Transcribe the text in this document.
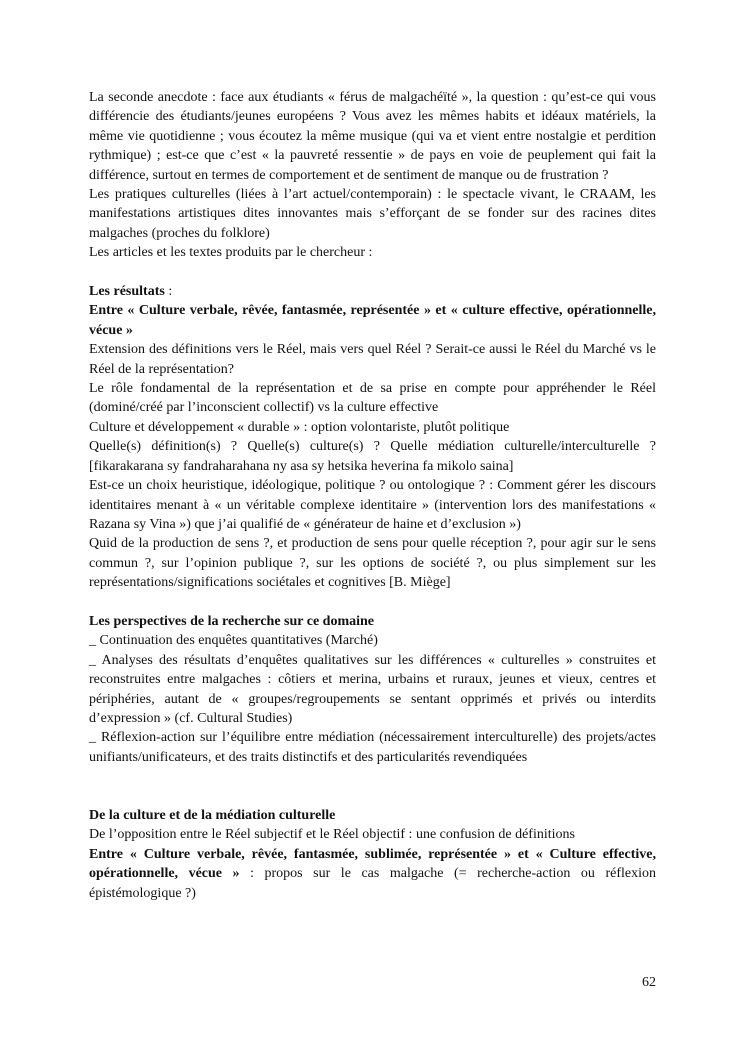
La seconde anecdote : face aux étudiants « férus de malgachéïté », la question : qu’est-ce qui vous différencie des étudiants/jeunes européens ? Vous avez les mêmes habits et idéaux matériels, la même vie quotidienne ; vous écoutez la même musique (qui va et vient entre nostalgie et perdition rythmique) ; est-ce que c’est « la pauvreté ressentie » de pays en voie de peuplement qui fait la différence, surtout en termes de comportement et de sentiment de manque ou de frustration ?

Les pratiques culturelles (liées à l’art actuel/contemporain) : le spectacle vivant, le CRAAM, les manifestations artistiques dites innovantes mais s’efforçant de se fonder sur des racines dites malgaches (proches du folklore)

Les articles et les textes produits par le chercheur :

Les résultats :

Entre « Culture verbale, rêvée, fantasmée, représentée » et « culture effective, opérationnelle, vécue »

Extension des définitions vers le Réel, mais vers quel Réel ? Serait-ce aussi le Réel du Marché vs le Réel de la représentation?

Le rôle fondamental de la représentation et de sa prise en compte pour appréhender le Réel (dominé/créé par l’inconscient collectif) vs la culture effective

Culture et développement « durable » : option volontariste, plutôt politique

Quelle(s) définition(s) ? Quelle(s) culture(s) ? Quelle médiation culturelle/interculturelle ? [fikarakarana sy fandraharahana ny asa sy hetsika heverina fa mikolo saina]

Est-ce un choix heuristique, idéologique, politique ? ou ontologique ? : Comment gérer les discours identitaires menant à « un véritable complexe identitaire » (intervention lors des manifestations « Razana sy Vina ») que j’ai qualifié de « générateur de haine et d’exclusion »)

Quid de la production de sens ?, et production de sens pour quelle réception ?, pour agir sur le sens commun ?, sur l’opinion publique ?, sur les options de société ?, ou plus simplement sur les représentations/significations sociétales et cognitives [B. Miège]

Les perspectives de la recherche sur ce domaine

_ Continuation des enquêtes quantitatives (Marché)

_ Analyses des résultats d’enquêtes qualitatives sur les différences « culturelles » construites et reconstruites entre malgaches : côtiers et merina, urbains et ruraux, jeunes et vieux, centres et périphéries, autant de « groupes/regroupements se sentant opprimés et privés ou interdits d’expression » (cf. Cultural Studies)

_ Réflexion-action sur l’équilibre entre médiation (nécessairement interculturelle) des projets/actes unifiants/unificateurs, et des traits distinctifs et des particularités revendiquées

De la culture et de la médiation culturelle

De l’opposition entre le Réel subjectif et le Réel objectif : une confusion de définitions

Entre « Culture verbale, rêvée, fantasmée, sublimée, représentée » et « Culture effective, opérationnelle, vécue » : propos sur le cas malgache (= recherche-action ou réflexion épistémologique ?)

62
